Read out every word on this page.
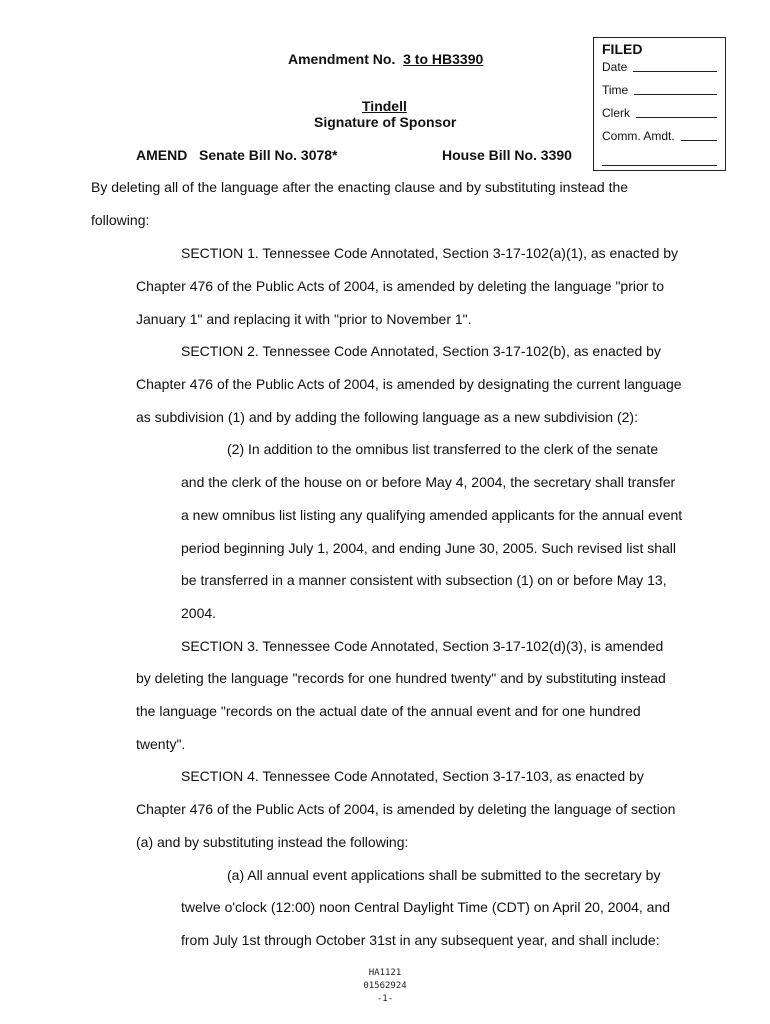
FILED
Date
Time
Clerk
Comm. Amdt.
Amendment No. 3 to HB3390
Tindell
Signature of Sponsor
AMEND Senate Bill No. 3078*	House Bill No. 3390
By deleting all of the language after the enacting clause and by substituting instead the
following:
SECTION 1. Tennessee Code Annotated, Section 3-17-102(a)(1), as enacted by
Chapter 476 of the Public Acts of 2004, is amended by deleting the language "prior to
January 1" and replacing it with "prior to November 1".
SECTION 2. Tennessee Code Annotated, Section 3-17-102(b), as enacted by
Chapter 476 of the Public Acts of 2004, is amended by designating the current language
as subdivision (1) and by adding the following language as a new subdivision (2):
(2) In addition to the omnibus list transferred to the clerk of the senate
and the clerk of the house on or before May 4, 2004, the secretary shall transfer
a new omnibus list listing any qualifying amended applicants for the annual event
period beginning July 1, 2004, and ending June 30, 2005. Such revised list shall
be transferred in a manner consistent with subsection (1) on or before May 13,
2004.
SECTION 3. Tennessee Code Annotated, Section 3-17-102(d)(3), is amended
by deleting the language "records for one hundred twenty" and by substituting instead
the language "records on the actual date of the annual event and for one hundred
twenty".
SECTION 4. Tennessee Code Annotated, Section 3-17-103, as enacted by
Chapter 476 of the Public Acts of 2004, is amended by deleting the language of section
(a) and by substituting instead the following:
(a) All annual event applications shall be submitted to the secretary by
twelve o'clock (12:00) noon Central Daylight Time (CDT) on April 20, 2004, and
from July 1st through October 31st in any subsequent year, and shall include:
HA1121
01562924
-1-
